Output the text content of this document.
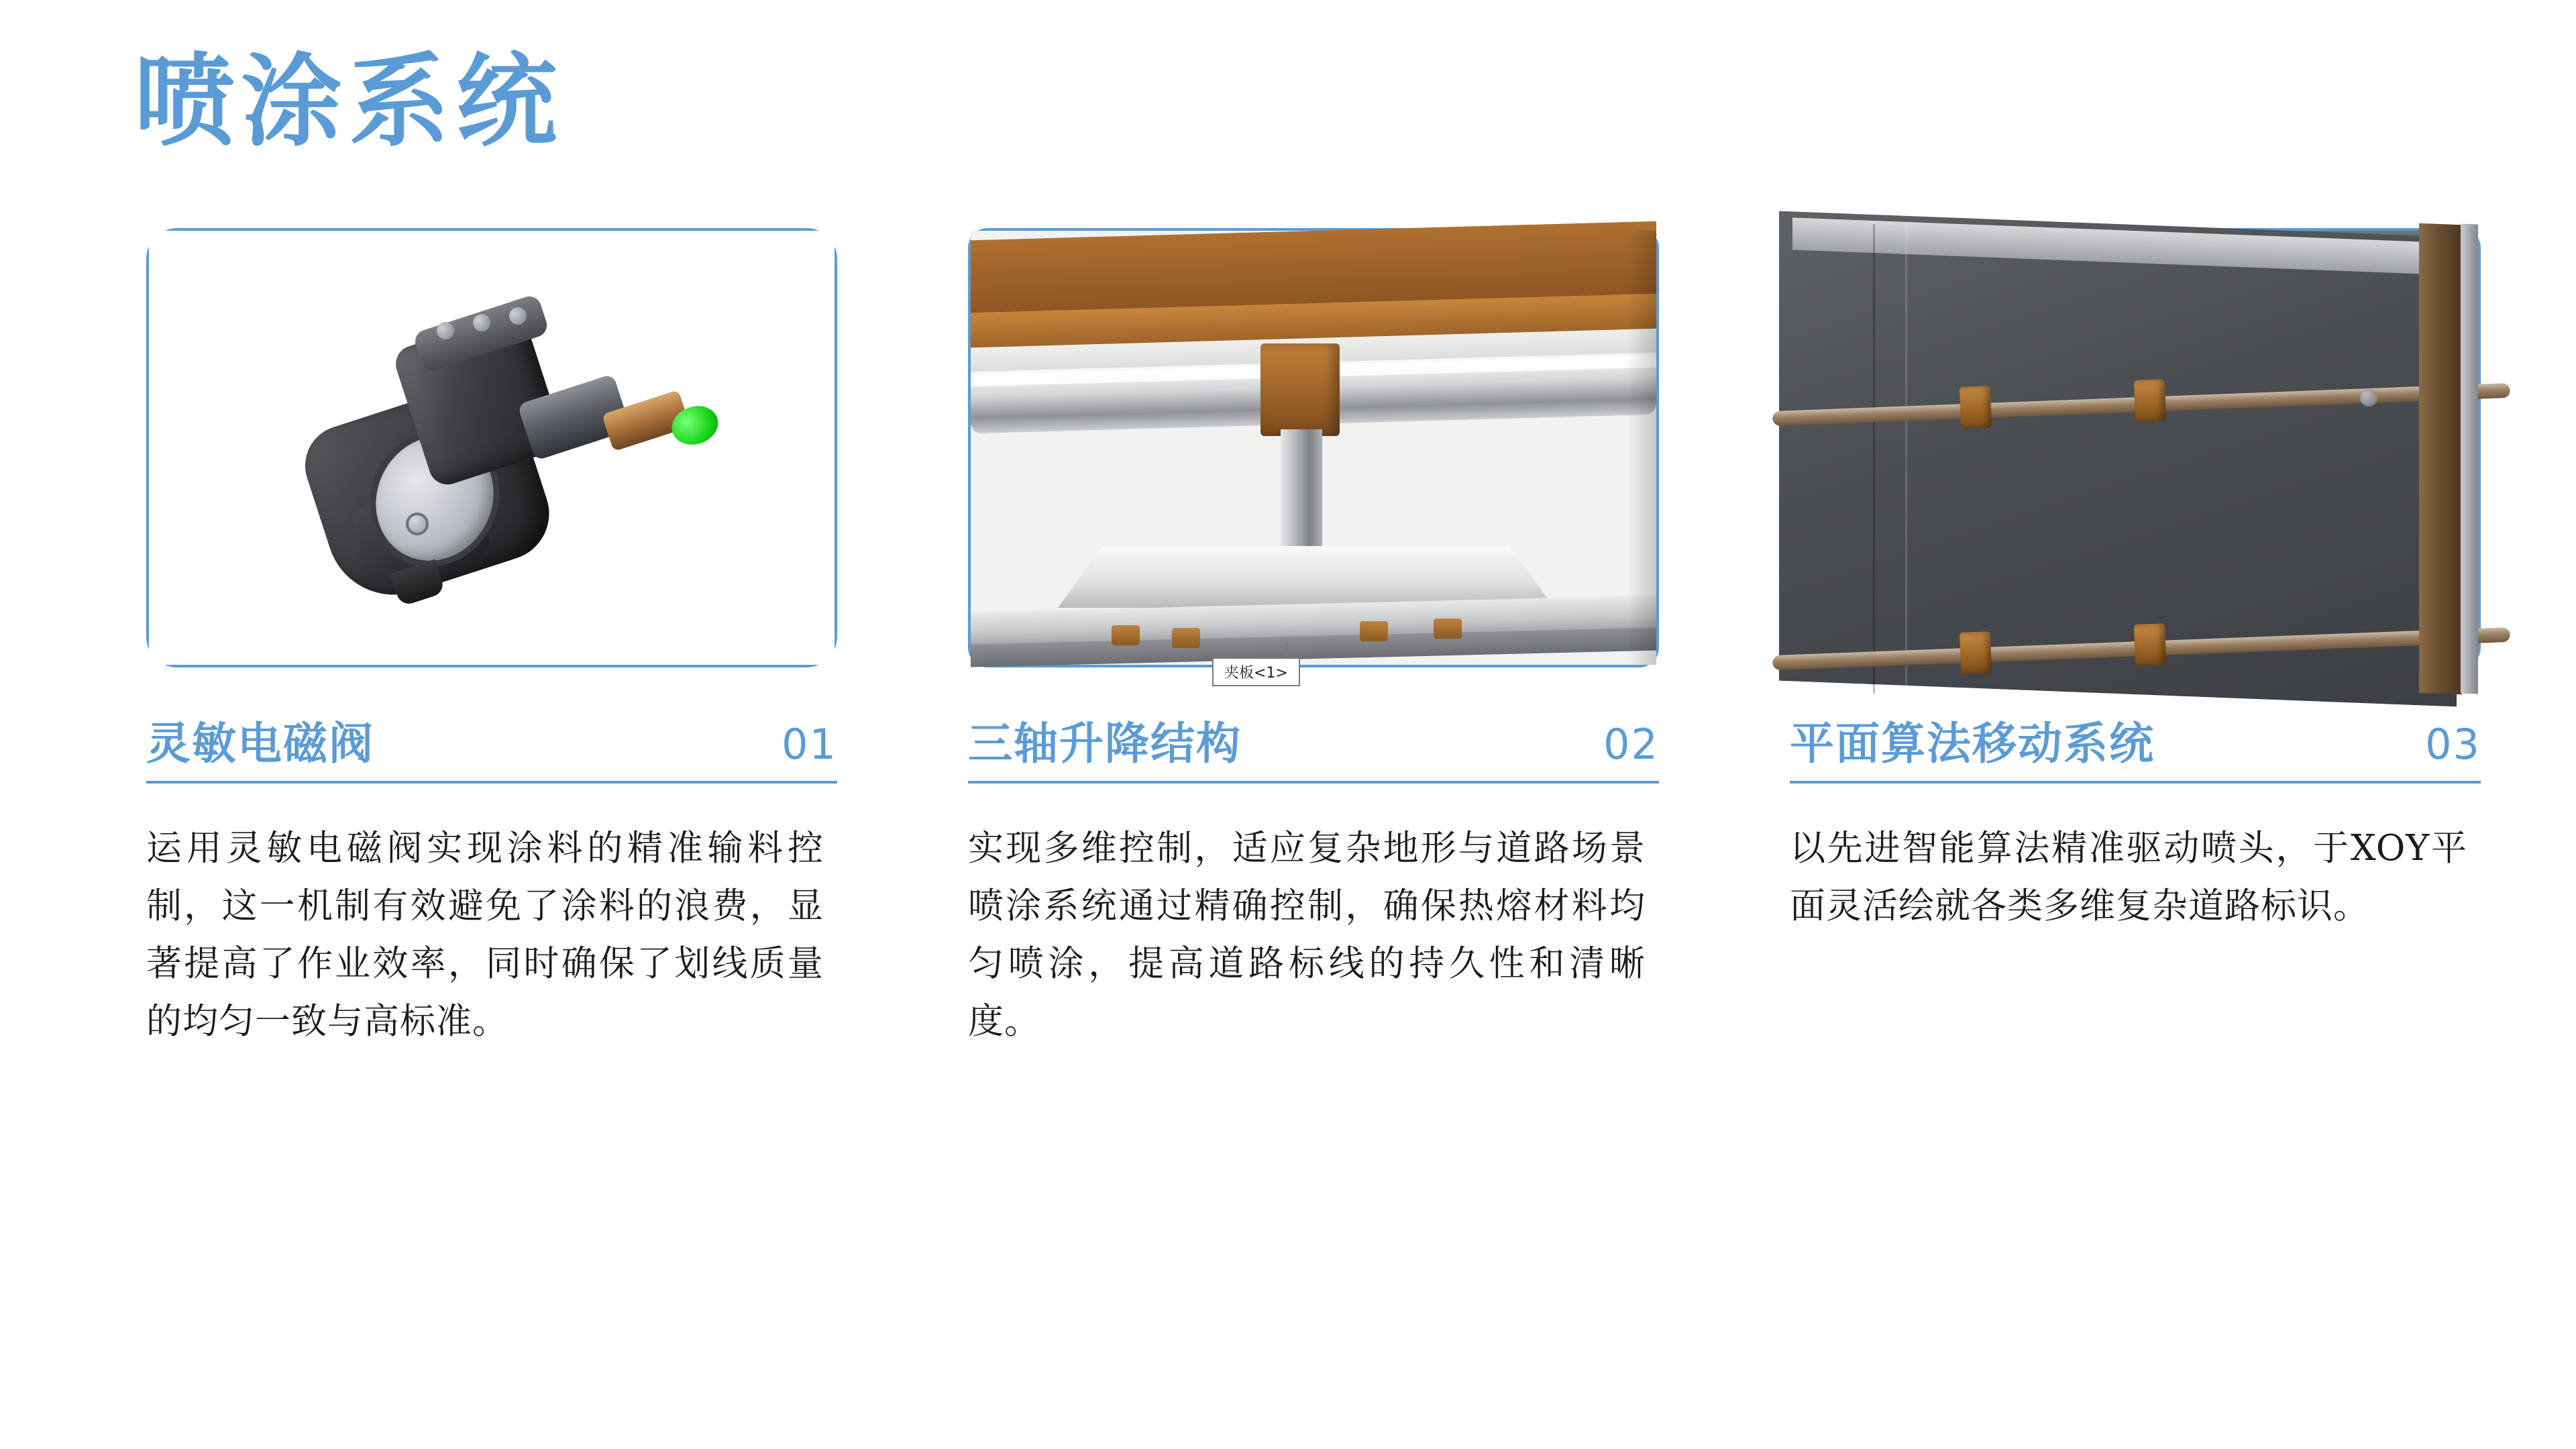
喷涂系统
灵敏电磁阀	01
运用灵敏电磁阀实现涂料的精准输料控制，这一机制有效避免了涂料的浪费，显著提高了作业效率，同时确保了划线质量的均匀一致与高标准。
夹板<1>
三轴升降结构	02
实现多维控制，适应复杂地形与道路场景喷涂系统通过精确控制，确保热熔材料均匀喷涂，提高道路标线的持久性和清晰度。
平面算法移动系统	03
以先进智能算法精准驱动喷头，于XOY平面灵活绘就各类多维复杂道路标识。
